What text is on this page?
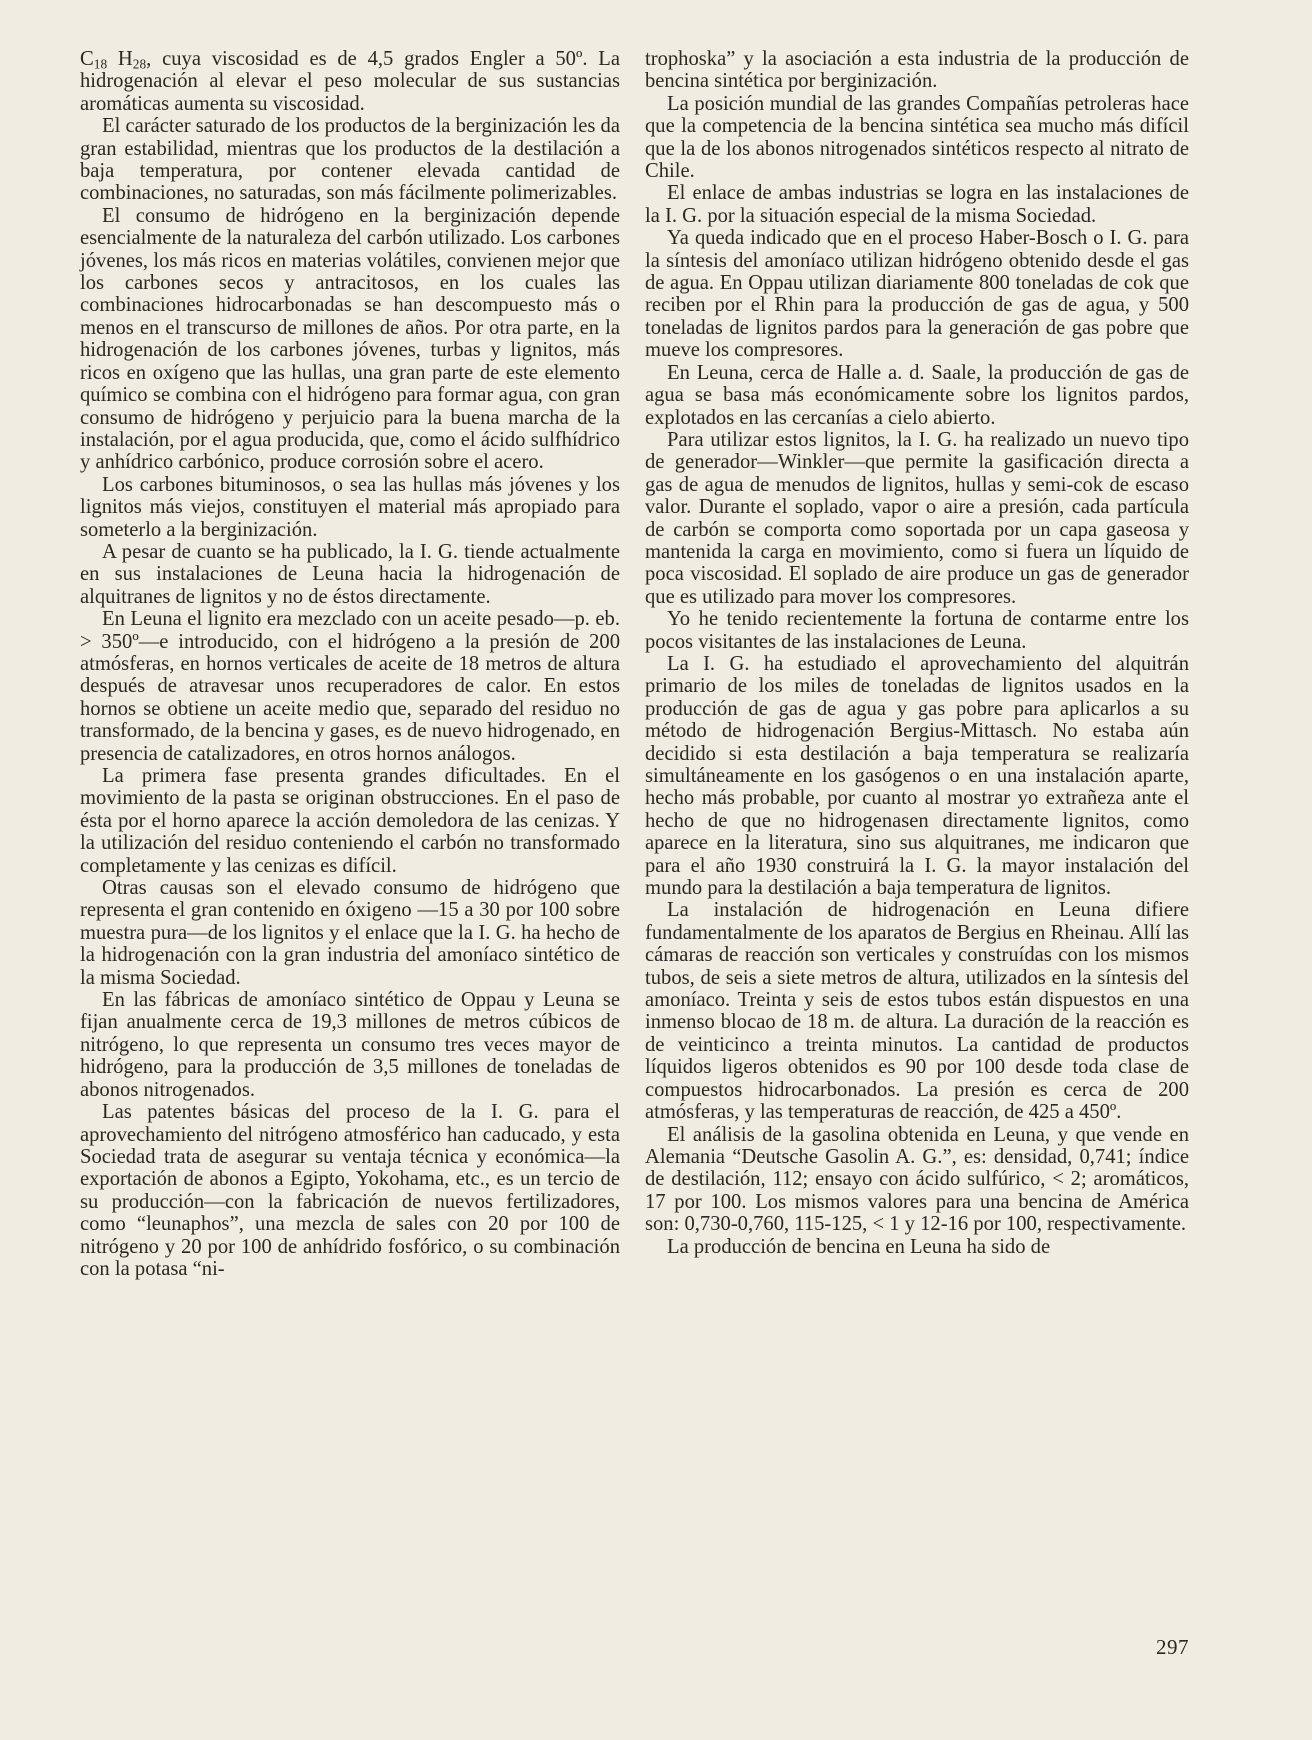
$C_{18}$ $H_{28}$, cuya viscosidad es de 4,5 grados Engler a 50º. La hidrogenación al elevar el peso molecular de sus sustancias aromáticas aumenta su viscosidad.

El carácter saturado de los productos de la berginización les da gran estabilidad, mientras que los productos de la destilación a baja temperatura, por contener elevada cantidad de combinaciones, no saturadas, son más fácilmente polimerizables.

El consumo de hidrógeno en la berginización depende esencialmente de la naturaleza del carbón utilizado. Los carbones jóvenes, los más ricos en materias volátiles, convienen mejor que los carbones secos y antracitosos, en los cuales las combinaciones hidrocarbonadas se han descompuesto más o menos en el transcurso de millones de años. Por otra parte, en la hidrogenación de los carbones jóvenes, turbas y lignitos, más ricos en oxígeno que las hullas, una gran parte de este elemento químico se combina con el hidrógeno para formar agua, con gran consumo de hidrógeno y perjuicio para la buena marcha de la instalación, por el agua producida, que, como el ácido sulfhídrico y anhídrico carbónico, produce corrosión sobre el acero.

Los carbones bituminosos, o sea las hullas más jóvenes y los lignitos más viejos, constituyen el material más apropiado para someterlo a la berginización.

A pesar de cuanto se ha publicado, la I. G. tiende actualmente en sus instalaciones de Leuna hacia la hidrogenación de alquitranes de lignitos y no de éstos directamente.

En Leuna el lignito era mezclado con un aceite pesado—p. eb. > 350º—e introducido, con el hidrógeno a la presión de 200 atmósferas, en hornos verticales de aceite de 18 metros de altura después de atravesar unos recuperadores de calor. En estos hornos se obtiene un aceite medio que, separado del residuo no transformado, de la bencina y gases, es de nuevo hidrogenado, en presencia de catalizadores, en otros hornos análogos.

La primera fase presenta grandes dificultades. En el movimiento de la pasta se originan obstrucciones. En el paso de ésta por el horno aparece la acción demoledora de las cenizas. Y la utilización del residuo conteniendo el carbón no transformado completamente y las cenizas es difícil.

Otras causas son el elevado consumo de hidrógeno que representa el gran contenido en óxigeno —15 a 30 por 100 sobre muestra pura—de los lignitos y el enlace que la I. G. ha hecho de la hidrogenación con la gran industria del amoníaco sintético de la misma Sociedad.

En las fábricas de amoníaco sintético de Oppau y Leuna se fijan anualmente cerca de 19,3 millones de metros cúbicos de nitrógeno, lo que representa un consumo tres veces mayor de hidrógeno, para la producción de 3,5 millones de toneladas de abonos nitrogenados.

Las patentes básicas del proceso de la I. G. para el aprovechamiento del nitrógeno atmosférico han caducado, y esta Sociedad trata de asegurar su ventaja técnica y económica—la exportación de abonos a Egipto, Yokohama, etc., es un tercio de su producción—con la fabricación de nuevos fertilizadores, como “leunaphos”, una mezcla de sales con 20 por 100 de nitrógeno y 20 por 100 de anhídrido fosfórico, o su combinación con la potasa “ni-

trophoska” y la asociación a esta industria de la producción de bencina sintética por berginización.

La posición mundial de las grandes Compañías petroleras hace que la competencia de la bencina sintética sea mucho más difícil que la de los abonos nitrogenados sintéticos respecto al nitrato de Chile.

El enlace de ambas industrias se logra en las instalaciones de la I. G. por la situación especial de la misma Sociedad.

Ya queda indicado que en el proceso Haber-Bosch o I. G. para la síntesis del amoníaco utilizan hidrógeno obtenido desde el gas de agua. En Oppau utilizan diariamente 800 toneladas de cok que reciben por el Rhin para la producción de gas de agua, y 500 toneladas de lignitos pardos para la generación de gas pobre que mueve los compresores.

En Leuna, cerca de Halle a. d. Saale, la producción de gas de agua se basa más económicamente sobre los lignitos pardos, explotados en las cercanías a cielo abierto.

Para utilizar estos lignitos, la I. G. ha realizado un nuevo tipo de generador—Winkler—que permite la gasificación directa a gas de agua de menudos de lignitos, hullas y semi-cok de escaso valor. Durante el soplado, vapor o aire a presión, cada partícula de carbón se comporta como soportada por un capa gaseosa y mantenida la carga en movimiento, como si fuera un líquido de poca viscosidad. El soplado de aire produce un gas de generador que es utilizado para mover los compresores.

Yo he tenido recientemente la fortuna de contarme entre los pocos visitantes de las instalaciones de Leuna.

La I. G. ha estudiado el aprovechamiento del alquitrán primario de los miles de toneladas de lignitos usados en la producción de gas de agua y gas pobre para aplicarlos a su método de hidrogenación Bergius-Mittasch. No estaba aún decidido si esta destilación a baja temperatura se realizaría simultáneamente en los gasógenos o en una instalación aparte, hecho más probable, por cuanto al mostrar yo extrañeza ante el hecho de que no hidrogenasen directamente lignitos, como aparece en la literatura, sino sus alquitranes, me indicaron que para el año 1930 construirá la I. G. la mayor instalación del mundo para la destilación a baja temperatura de lignitos.

La instalación de hidrogenación en Leuna difiere fundamentalmente de los aparatos de Bergius en Rheinau. Allí las cámaras de reacción son verticales y construídas con los mismos tubos, de seis a siete metros de altura, utilizados en la síntesis del amoníaco. Treinta y seis de estos tubos están dispuestos en una inmenso blocao de 18 m. de altura. La duración de la reacción es de veinticinco a treinta minutos. La cantidad de productos líquidos ligeros obtenidos es 90 por 100 desde toda clase de compuestos hidrocarbonados. La presión es cerca de 200 atmósferas, y las temperaturas de reacción, de 425 a 450º.

El análisis de la gasolina obtenida en Leuna, y que vende en Alemania “Deutsche Gasolin A. G.”, es: densidad, 0,741; índice de destilación, 112; ensayo con ácido sulfúrico, < 2; aromáticos, 17 por 100. Los mismos valores para una bencina de América son: 0,730-0,760, 115-125, < 1 y 12-16 por 100, respectivamente.

La producción de bencina en Leuna ha sido de

297
